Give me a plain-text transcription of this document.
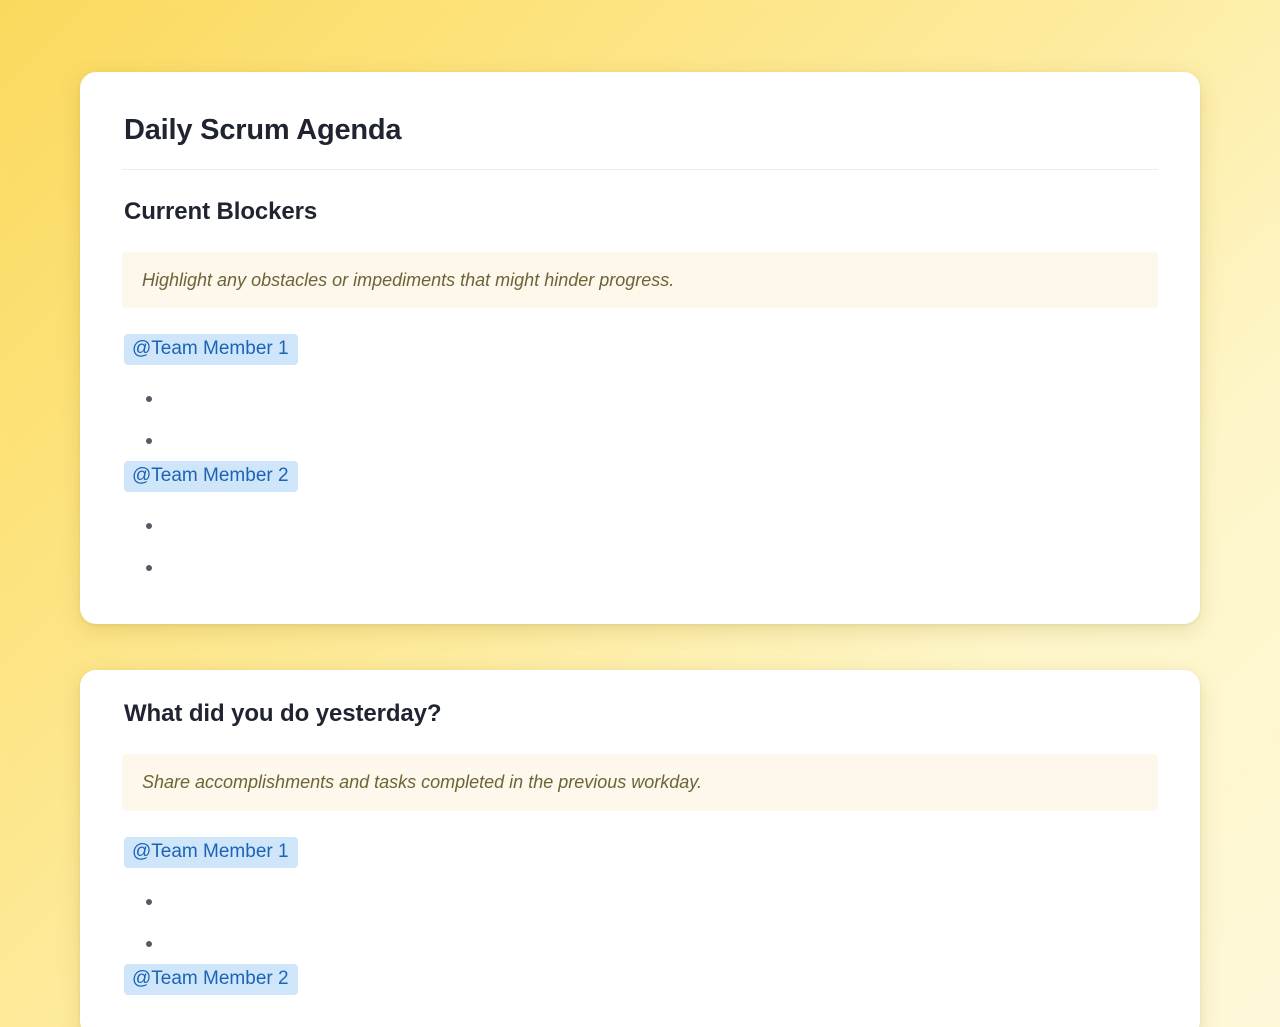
Daily Scrum Agenda
Current Blockers
Highlight any obstacles or impediments that might hinder progress.
@Team Member 1
@Team Member 2
What did you do yesterday?
Share accomplishments and tasks completed in the previous workday.
@Team Member 1
@Team Member 2
